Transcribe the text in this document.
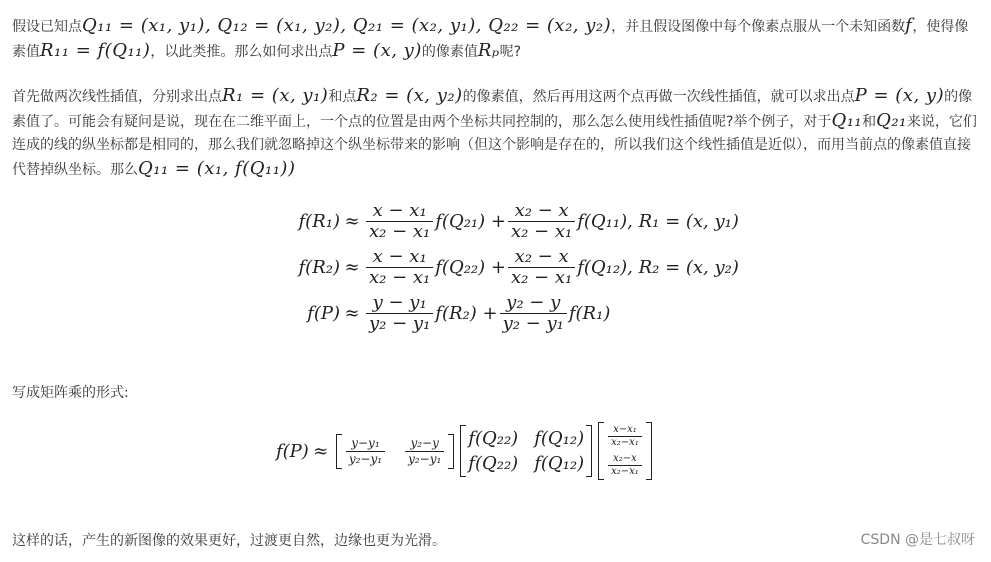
假设已知点Q₁₁ = (x₁, y₁), Q₁₂ = (x₁, y₂), Q₂₁ = (x₂, y₁), Q₂₂ = (x₂, y₂)，并且假设图像中每个像素点服从一个未知函数f，使得像素值R₁₁ = f(Q₁₁)，以此类推。那么如何求出点P = (x, y)的像素值Rₚ呢?

首先做两次线性插值，分别求出点R₁ = (x, y₁)和点R₂ = (x, y₂)的像素值，然后再用这两个点再做一次线性插值，就可以求出点P = (x, y)的像素值了。可能会有疑问是说，现在在二维平面上，一个点的位置是由两个坐标共同控制的，那么怎么使用线性插值呢?举个例子，对于Q₁₁和Q₂₁来说，它们连成的线的纵坐标都是相同的，那么我们就忽略掉这个纵坐标带来的影响（但这个影响是存在的，所以我们这个线性插值是近似），而用当前点的像素值直接代替掉纵坐标。那么Q₁₁ = (x₁, f(Q₁₁))

$f(R_1) \approx \frac{\text{x − x₁}}{\text{x₂ − x₁}} f(Q_{21}) + \frac{\text{x₂ − x}}{\text{x₂ − x₁}} f(Q_{11})$, R₁ = (x, y₁)
$f(R_2) \approx \frac{\text{x − x₁}}{\text{x₂ − x₁}} f(Q_{22}) + \frac{\text{x₂ − x}}{\text{x₂ − x₁}} f(Q_{12})$, R₂ = (x, y₂)
$f(P) \approx \frac{\text{y − y₁}}{\text{y₂ − y₁}} f(R_2) + \frac{\text{y₂ − y}}{\text{y₂ − y₁}} f(R_1)$

写成矩阵乘的形式:

f(P) ≈	$\frac{\text{y−y₁}}{\text{y₂−y₁}} \frac{\text{y₂−y}}{\text{y₂−y₁}} f(Q_{22})$ f(Q₁₂)
f(Q₂₂) f(Q₁₂)
$\frac{\text{x−x₁}}{\text{x₂−x₁}}$
$\frac{\text{x₂−x}}{\text{x₂−x₁}}$

这样的话，产生的新图像的效果更好，过渡更自然，边缘也更为光滑。	CSDN @是七叔呀
